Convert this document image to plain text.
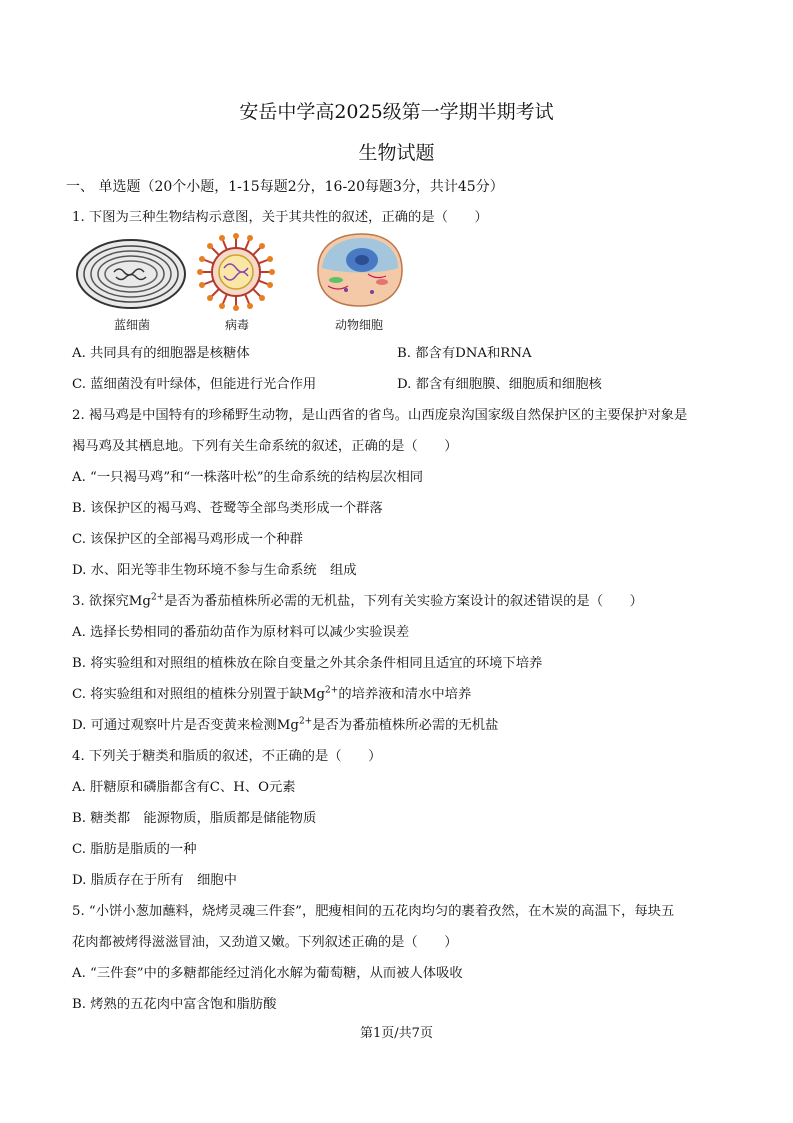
安岳中学高2025级第一学期半期考试
生物试题
一、 单选题（20个小题，1-15每题2分，16-20每题3分，共计45分）
1. 下图为三种生物结构示意图，关于其共性的叙述，正确的是（　　）
蓝细菌	病毒	动物细胞
A. 共同具有的细胞器是核糖体	B. 都含有DNA和RNA
C. 蓝细菌没有叶绿体，但能进行光合作用	D. 都含有细胞膜、细胞质和细胞核
2. 褐马鸡是中国特有的珍稀野生动物，是山西省的省鸟。山西庞泉沟国家级自然保护区的主要保护对象是
褐马鸡及其栖息地。下列有关生命系统的叙述，正确的是（　　）
A. “一只褐马鸡”和“一株落叶松”的生命系统的结构层次相同
B. 该保护区的褐马鸡、苍鹭等全部鸟类形成一个群落
C. 该保护区的全部褐马鸡形成一个种群
D. 水、阳光等非生物环境不参与生命系统　组成
3. 欲探究$Mg^{2+}$是否为番茄植株所必需的无机盐，下列有关实验方案设计的叙述错误的是（　　）
A. 选择长势相同的番茄幼苗作为原材料可以减少实验误差
B. 将实验组和对照组的植株放在除自变量之外其余条件相同且适宜的环境下培养
C. 将实验组和对照组的植株分别置于缺$Mg^{2+}$的培养液和清水中培养
D. 可通过观察叶片是否变黄来检测$Mg^{2+}$是否为番茄植株所必需的无机盐
4. 下列关于糖类和脂质的叙述，不正确的是（　　）
A. 肝糖原和磷脂都含有C、H、O元素
B. 糖类都　能源物质，脂质都是储能物质
C. 脂肪是脂质的一种
D. 脂质存在于所有　细胞中
5. “小饼小葱加蘸料，烧烤灵魂三件套”，肥瘦相间的五花肉均匀的裹着孜然，在木炭的高温下，每块五
花肉都被烤得滋滋冒油，又劲道又嫩。下列叙述正确的是（　　）
A. “三件套”中的多糖都能经过消化水解为葡萄糖，从而被人体吸收
B. 烤熟的五花肉中富含饱和脂肪酸
第1页/共7页
